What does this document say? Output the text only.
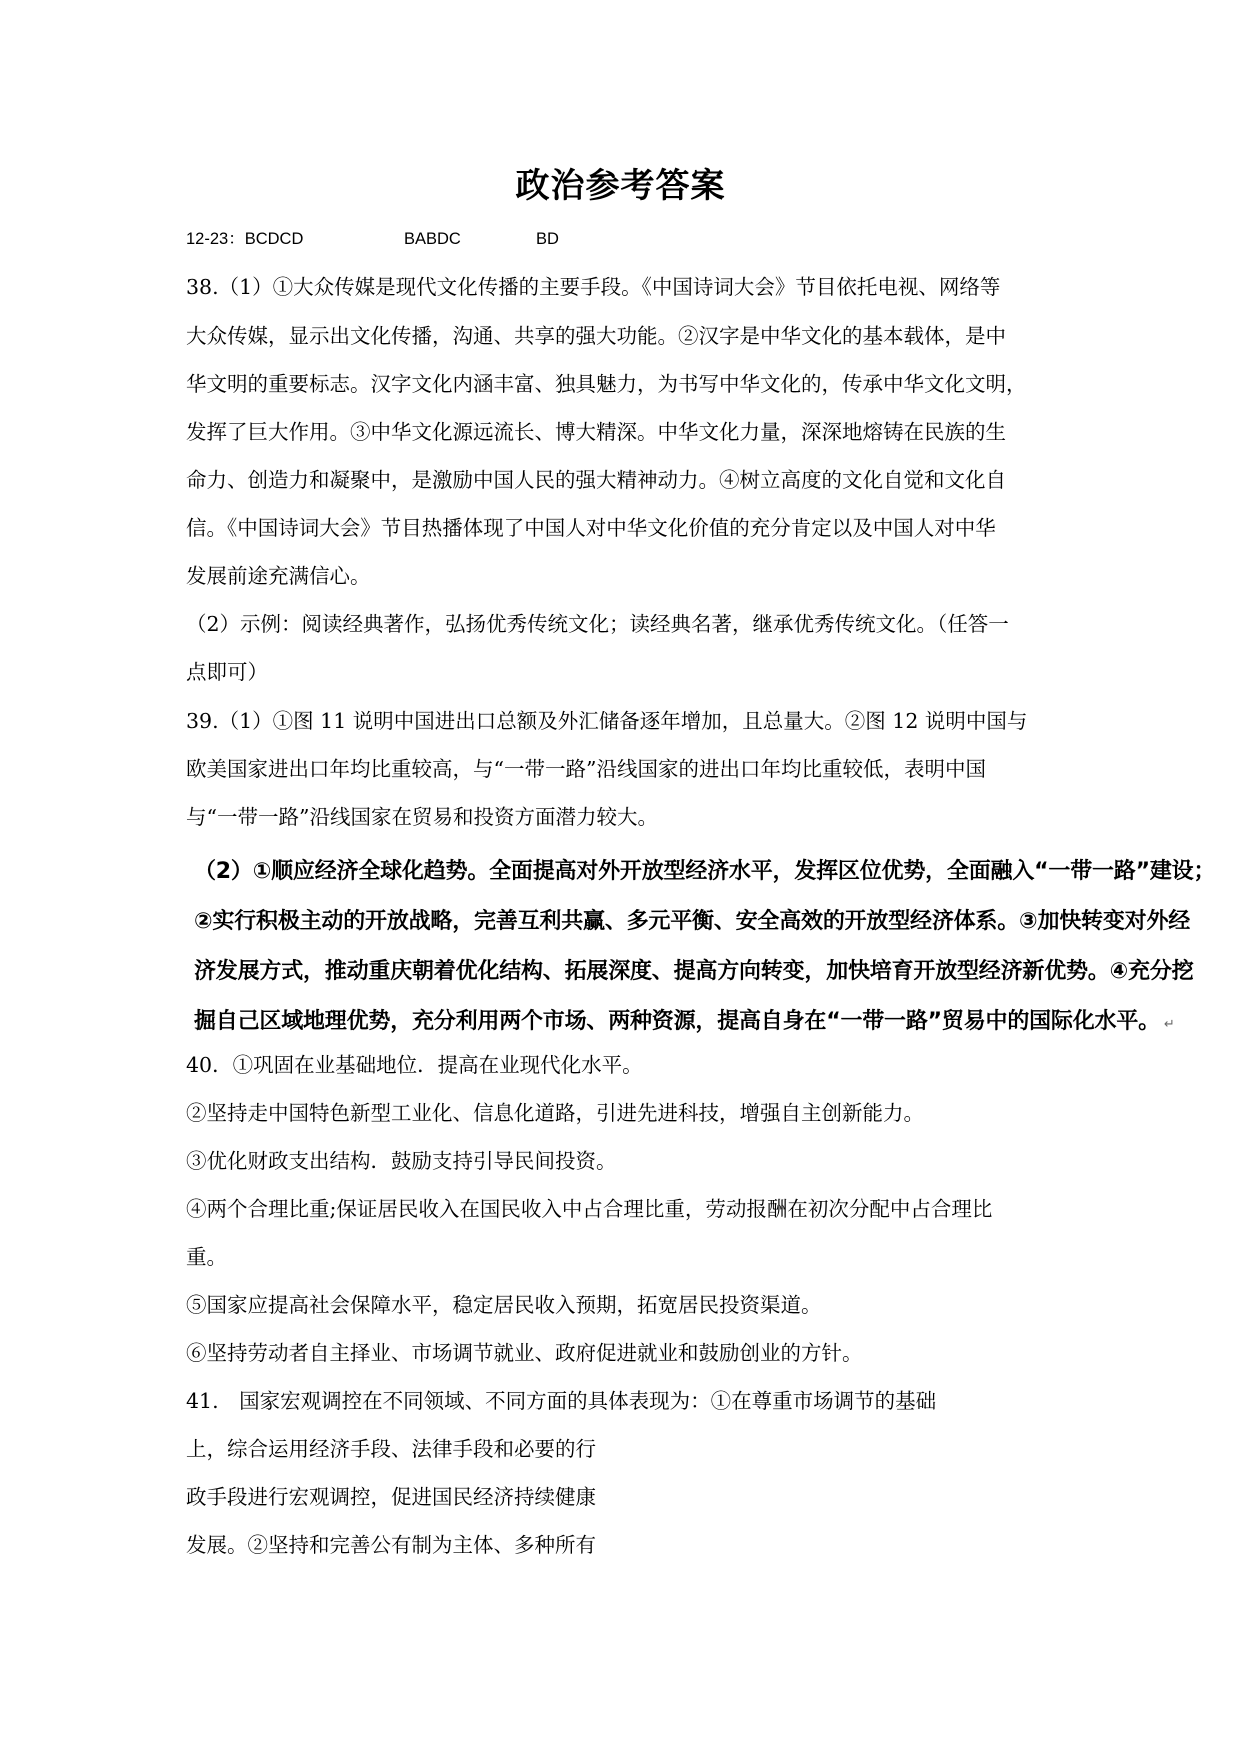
政治参考答案
12-23：BCDCD	BABDC	BD
38.（1）①大众传媒是现代文化传播的主要手段。《中国诗词大会》节目依托电视、网络等
大众传媒，显示出文化传播，沟通、共享的强大功能。②汉字是中华文化的基本载体，是中
华文明的重要标志。汉字文化内涵丰富、独具魅力，为书写中华文化的，传承中华文化文明，
发挥了巨大作用。③中华文化源远流长、博大精深。中华文化力量，深深地熔铸在民族的生
命力、创造力和凝聚中，是激励中国人民的强大精神动力。④树立高度的文化自觉和文化自
信。《中国诗词大会》节目热播体现了中国人对中华文化价值的充分肯定以及中国人对中华
发展前途充满信心。
（2）示例：阅读经典著作，弘扬优秀传统文化；读经典名著，继承优秀传统文化。（任答一
点即可）
39.（1）①图 11 说明中国进出口总额及外汇储备逐年增加，且总量大。②图 12 说明中国与
欧美国家进出口年均比重较高，与“一带一路”沿线国家的进出口年均比重较低，表明中国
与“一带一路”沿线国家在贸易和投资方面潜力较大。
（2）①顺应经济全球化趋势。全面提高对外开放型经济水平，发挥区位优势，全面融入“一带一路”建设；
②实行积极主动的开放战略，完善互利共赢、多元平衡、安全高效的开放型经济体系。③加快转变对外经
济发展方式，推动重庆朝着优化结构、拓展深度、提高方向转变，加快培育开放型经济新优势。④充分挖
掘自己区域地理优势，充分利用两个市场、两种资源，提高自身在“一带一路”贸易中的国际化水平。 ↵
40．①巩固在业基础地位．提高在业现代化水平。
②坚持走中国特色新型工业化、信息化道路，引进先进科技，增强自主创新能力。
③优化财政支出结构．鼓励支持引导民间投资。
④两个合理比重;保证居民收入在国民收入中占合理比重，劳动报酬在初次分配中占合理比
重。
⑤国家应提高社会保障水平，稳定居民收入预期，拓宽居民投资渠道。
⑥坚持劳动者自主择业、市场调节就业、政府促进就业和鼓励创业的方针。
41.　国家宏观调控在不同领域、不同方面的具体表现为：①在尊重市场调节的基础
上，综合运用经济手段、法律手段和必要的行
政手段进行宏观调控，促进国民经济持续健康
发展。②坚持和完善公有制为主体、多种所有
